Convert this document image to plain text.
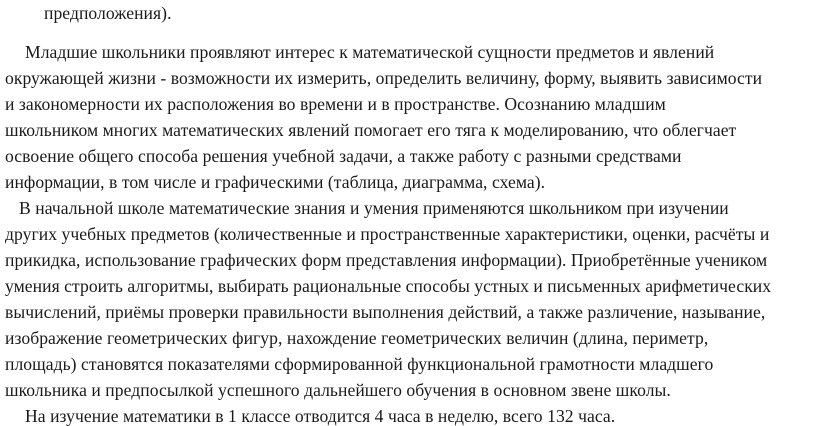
предположения).
Младшие школьники проявляют интерес к математической сущности предметов и явлений
окружающей жизни - возможности их измерить, определить величину, форму, выявить зависимости
и закономерности их расположения во времени и в пространстве. Осознанию младшим
школьником многих математических явлений помогает его тяга к моделированию, что облегчает
освоение общего способа решения учебной задачи, а также работу с разными средствами
информации, в том числе и графическими (таблица, диаграмма, схема).
В начальной школе математические знания и умения применяются школьником при изучении
других учебных предметов (количественные и пространственные характеристики, оценки, расчёты и
прикидка, использование графических форм представления информации). Приобретённые учеником
умения строить алгоритмы, выбирать рациональные способы устных и письменных арифметических
вычислений, приёмы проверки правильности выполнения действий, а также различение, называние,
изображение геометрических фигур, нахождение геометрических величин (длина, периметр,
площадь) становятся показателями сформированной функциональной грамотности младшего
школьника и предпосылкой успешного дальнейшего обучения в основном звене школы.
На изучение математики в 1 классе отводится 4 часа в неделю, всего 132 часа.
